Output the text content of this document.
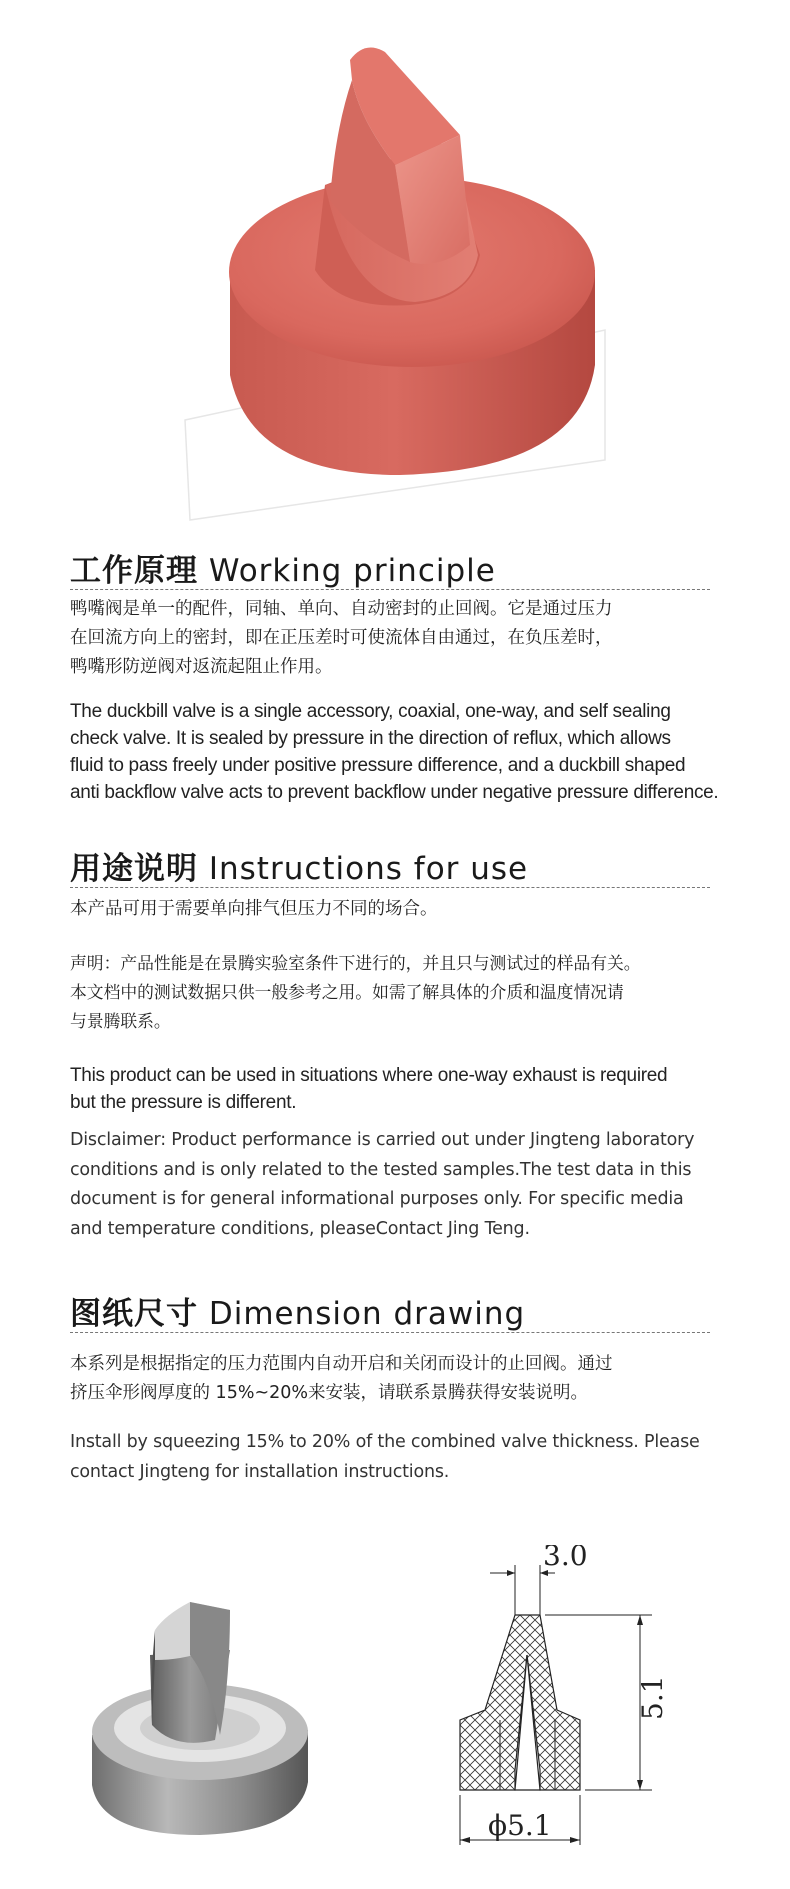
工作原理 Working principle

鸭嘴阀是单一的配件，同轴、单向、自动密封的止回阀。它是通过压力

在回流方向上的密封，即在正压差时可使流体自由通过，在负压差时，

鸭嘴形防逆阀对返流起阻止作用。

The duckbill valve is a single accessory, coaxial, one-way, and self sealing

check valve. It is sealed by pressure in the direction of reflux, which allows

fluid to pass freely under positive pressure difference, and a duckbill shaped

anti backflow valve acts to prevent backflow under negative pressure difference.

用途说明 Instructions for use

本产品可用于需要单向排气但压力不同的场合。

声明：产品性能是在景腾实验室条件下进行的，并且只与测试过的样品有关。

本文档中的测试数据只供一般参考之用。如需了解具体的介质和温度情况请

与景腾联系。

This product can be used in situations where one-way exhaust is required

but the pressure is different.

Disclaimer: Product performance is carried out under Jingteng laboratory

conditions and is only related to the tested samples.The test data in this

document is for general informational purposes only. For specific media

and temperature conditions, pleaseContact Jing Teng.

图纸尺寸 Dimension drawing

本系列是根据指定的压力范围内自动开启和关闭而设计的止回阀。通过

挤压伞形阀厚度的 15%~20%来安装，请联系景腾获得安装说明。

Install by squeezing 15% to 20% of the combined valve thickness. Please

contact Jingteng for installation instructions.

3.0
5.1
ϕ5.1
